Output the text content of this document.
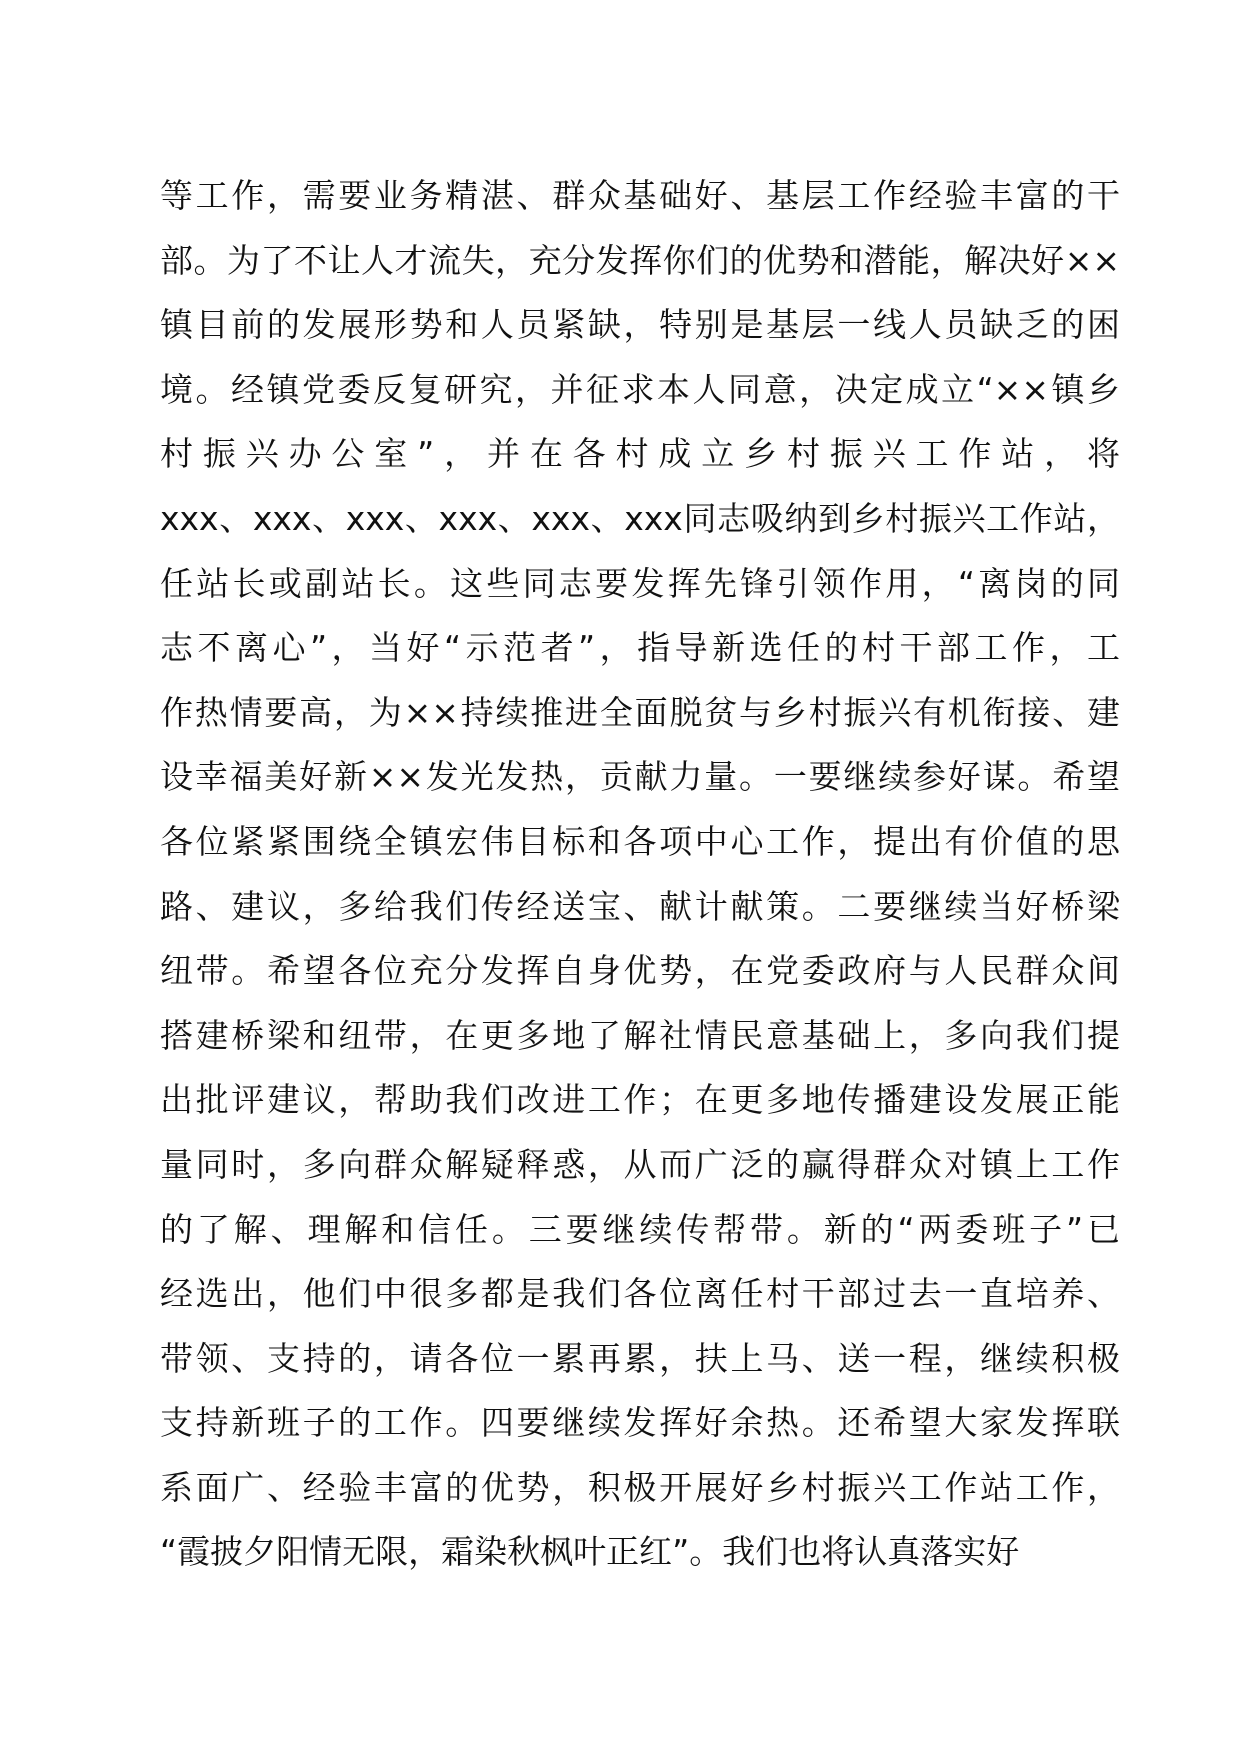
等工作，需要业务精湛、群众基础好、基层工作经验丰富的干
部。为了不让人才流失，充分发挥你们的优势和潜能，解决好××
镇目前的发展形势和人员紧缺，特别是基层一线人员缺乏的困
境。经镇党委反复研究，并征求本人同意，决定成立“××镇乡
村振兴办公室”，并在各村成立乡村振兴工作站，将
xxx、xxx、xxx、xxx、xxx、xxx同志吸纳到乡村振兴工作站，
任站长或副站长。这些同志要发挥先锋引领作用，“离岗的同
志不离心”，当好“示范者”，指导新选任的村干部工作，工
作热情要高，为××持续推进全面脱贫与乡村振兴有机衔接、建
设幸福美好新××发光发热，贡献力量。一要继续参好谋。希望
各位紧紧围绕全镇宏伟目标和各项中心工作，提出有价值的思
路、建议，多给我们传经送宝、献计献策。二要继续当好桥梁
纽带。希望各位充分发挥自身优势，在党委政府与人民群众间
搭建桥梁和纽带，在更多地了解社情民意基础上，多向我们提
出批评建议，帮助我们改进工作；在更多地传播建设发展正能
量同时，多向群众解疑释惑，从而广泛的赢得群众对镇上工作
的了解、理解和信任。三要继续传帮带。新的“两委班子”已
经选出，他们中很多都是我们各位离任村干部过去一直培养、
带领、支持的，请各位一累再累，扶上马、送一程，继续积极
支持新班子的工作。四要继续发挥好余热。还希望大家发挥联
系面广、经验丰富的优势，积极开展好乡村振兴工作站工作，
“霞披夕阳情无限，霜染秋枫叶正红”。我们也将认真落实好
